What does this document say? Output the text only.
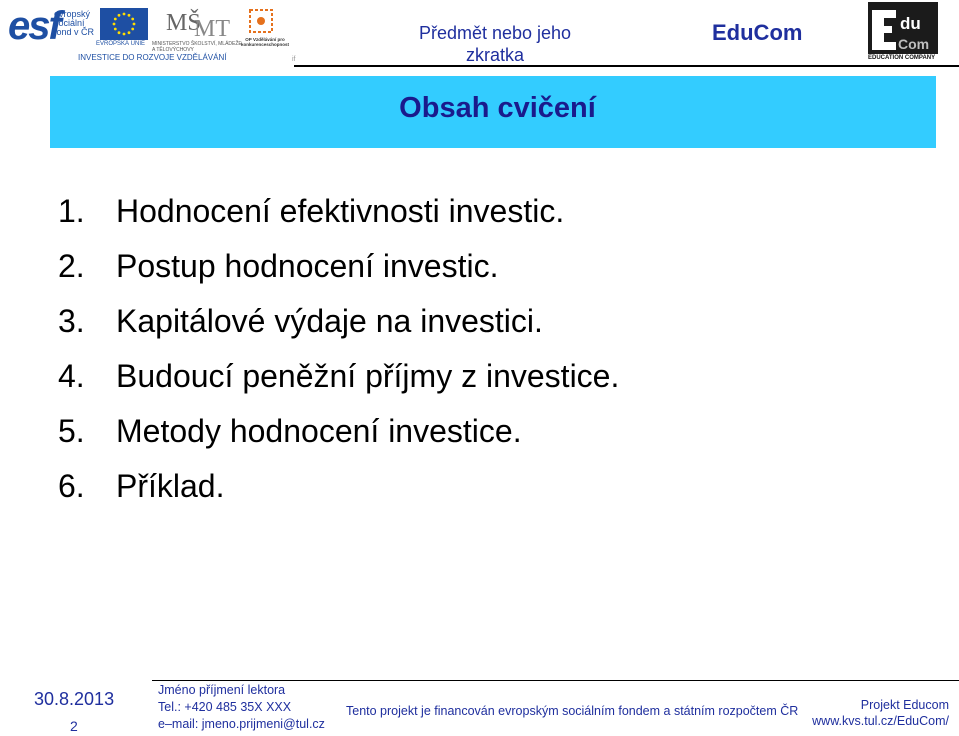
esf
evropský
sociální
fond v ČR
EVROPSKÁ UNIE
MŠ
MT
MINISTERSTVO ŠKOLSTVÍ, MLÁDEŽE A TĚLOVÝCHOVY
OP Vzdělávání pro konkurenceschopnost
INVESTICE DO ROZVOJE VZDĚLÁVÁNÍ	if
Předmět nebo jeho
zkratka
EduCom	du
Com
EDUCATION COMPANY
Obsah cvičení
1. Hodnocení efektivnosti investic.
2. Postup hodnocení investic.
3. Kapitálové výdaje na investici.
4. Budoucí peněžní příjmy z investice.
5. Metody hodnocení investice.
6. Příklad.
30.8.2013
2
Jméno příjmení lektora
Tel.: +420 485 35X XXX
e–mail: jmeno.prijmeni@tul.cz
Tento projekt je financován evropským sociálním fondem a státním rozpočtem ČR	Projekt Educom
www.kvs.tul.cz/EduCom/
